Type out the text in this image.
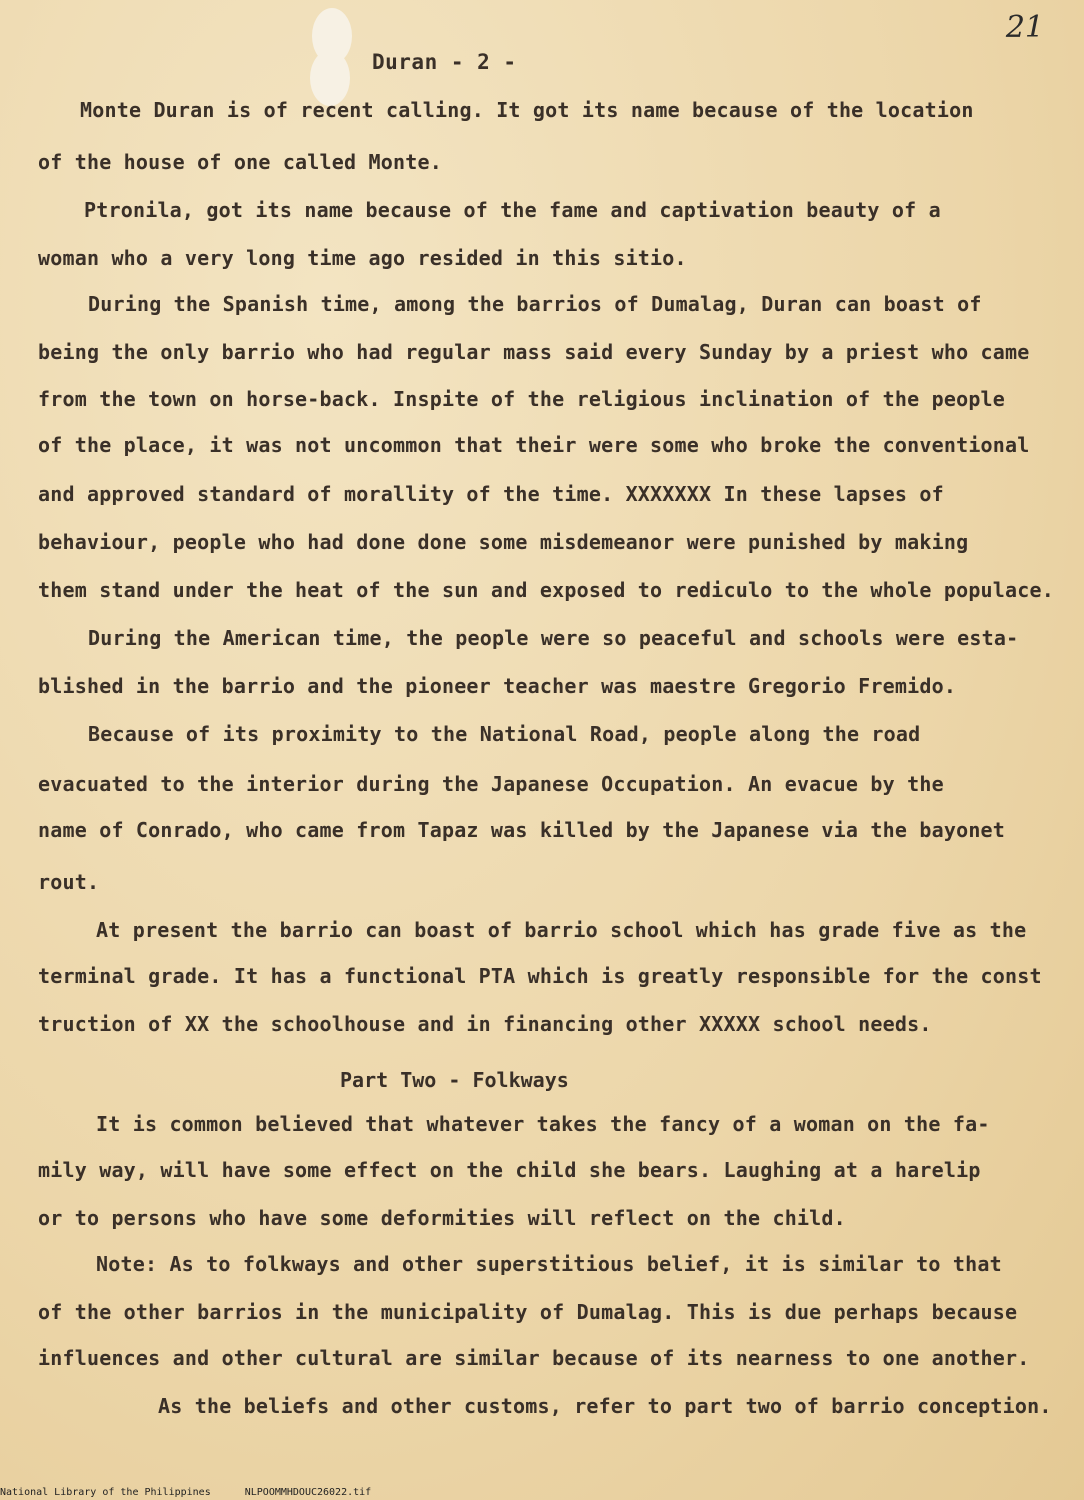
21
Duran - 2 -
Monte Duran is of recent calling. It got its name because of the location
of the house of one called Monte.
Ptronila, got its name because of the fame and captivation beauty of a
woman who a very long time ago resided in this sitio.
During the Spanish time, among the barrios of Dumalag, Duran can boast of
being the only barrio who had regular mass said every Sunday by a priest who came
from the town on horse-back. Inspite of the religious inclination of the people
of the place, it was not uncommon that their were some who broke the conventional
and approved standard of morallity of the time. XXXXXXX In these lapses of
behaviour, people who had done done some misdemeanor were punished by making
them stand under the heat of the sun and exposed to rediculo to the whole populace.
During the American time, the people were so peaceful and schools were esta-
blished in the barrio and the pioneer teacher was maestre Gregorio Fremido.
Because of its proximity to the National Road, people along the road
evacuated to the interior during the Japanese Occupation. An evacue by the
name of Conrado, who came from Tapaz was killed by the Japanese via the bayonet
rout.
At present the barrio can boast of barrio school which has grade five as the
terminal grade. It has a functional PTA which is greatly responsible for the const
truction of XX the schoolhouse and in financing other XXXXX school needs.
Part Two - Folkways
It is common believed that whatever takes the fancy of a woman on the fa-
mily way, will have some effect on the child she bears. Laughing at a harelip
or to persons who have some deformities will reflect on the child.
Note: As to folkways and other superstitious belief, it is similar to that
of the other barrios in the municipality of Dumalag. This is due perhaps because
influences and other cultural are similar because of its nearness to one another.
As the beliefs and other customs, refer to part two of barrio conception.
National Library of the Philippines	NLPOOMMHDOUC26022.tif
